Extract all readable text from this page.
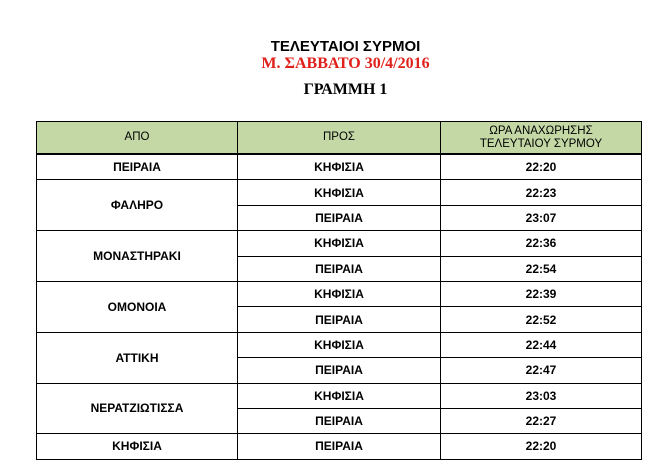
ΤΕΛΕΥΤΑΙΟΙ ΣΥΡΜΟΙ
Μ. ΣΑΒΒΑΤΟ 30/4/2016
ΓΡΑΜΜΗ 1
ΑΠΟ	ΠΡΟΣ	ΩΡΑ ΑΝΑΧΩΡΗΣΗΣ
ΤΕΛΕΥΤΑΙΟΥ ΣΥΡΜΟΥ

ΠΕΙΡΑΙΑ	ΚΗΦΙΣΙΑ	22:20
ΦΑΛΗΡΟ	ΚΗΦΙΣΙΑ	22:23
	ΠΕΙΡΑΙΑ	23:07
ΜΟΝΑΣΤΗΡΑΚΙ	ΚΗΦΙΣΙΑ	22:36
	ΠΕΙΡΑΙΑ	22:54
ΟΜΟΝΟΙΑ	ΚΗΦΙΣΙΑ	22:39
	ΠΕΙΡΑΙΑ	22:52
ΑΤΤΙΚΗ	ΚΗΦΙΣΙΑ	22:44
	ΠΕΙΡΑΙΑ	22:47
ΝΕΡΑΤΖΙΩΤΙΣΣΑ	ΚΗΦΙΣΙΑ	23:03
	ΠΕΙΡΑΙΑ	22:27
ΚΗΦΙΣΙΑ	ΠΕΙΡΑΙΑ	22:20
